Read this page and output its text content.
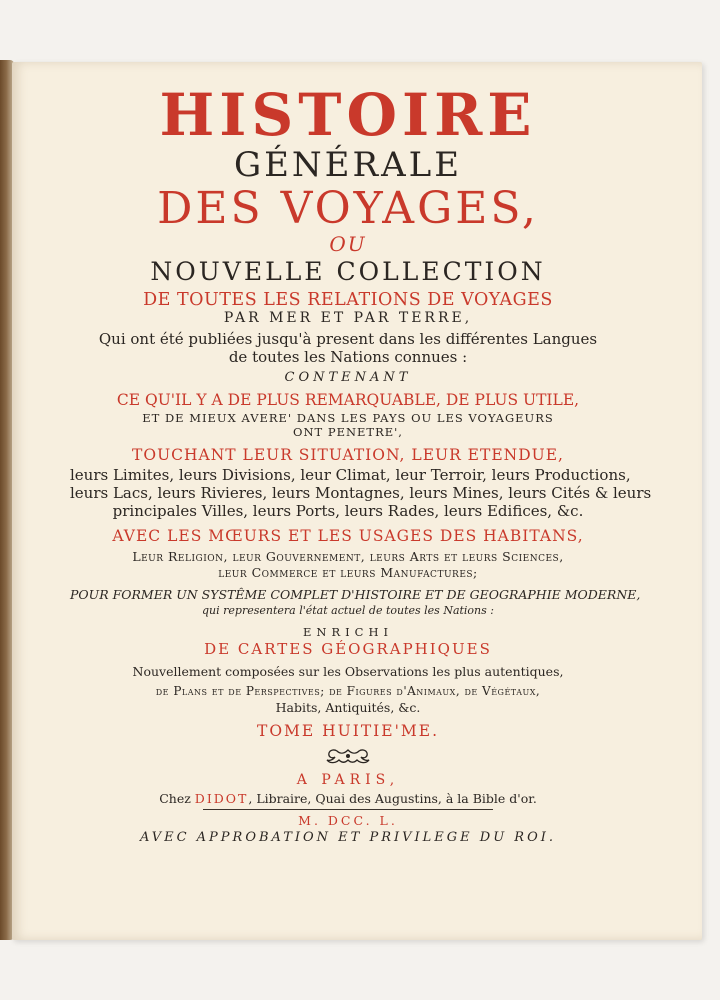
HISTOIRE
GÉNÉRALE
DES VOYAGES,
OU
NOUVELLE COLLECTION
DE TOUTES LES RELATIONS DE VOYAGES
PAR MER ET PAR TERRE,
Qui ont été publiées jusqu'à present dans les différentes Langues
de toutes les Nations connues :
CONTENANT
CE QU'IL Y A DE PLUS REMARQUABLE, DE PLUS UTILE,
ET DE MIEUX AVERE' DANS LES PAYS OU LES VOYAGEURS
ONT PENETRE',
TOUCHANT LEUR SITUATION, LEUR ETENDUE,
leurs Limites, leurs Divisions, leur Climat, leur Terroir, leurs Productions,
leurs Lacs, leurs Rivieres, leurs Montagnes, leurs Mines, leurs Cités & leurs
principales Villes, leurs Ports, leurs Rades, leurs Edifices, &c.
AVEC LES MŒURS ET LES USAGES DES HABITANS,
Leur Religion, leur Gouvernement, leurs Arts et leurs Sciences,
leur Commerce et leurs Manufactures;
POUR FORMER UN SYSTÊME COMPLET D'HISTOIRE ET DE GEOGRAPHIE MODERNE,
qui representera l'état actuel de toutes les Nations :
ENRICHI
DE CARTES GÉOGRAPHIQUES
Nouvellement composées sur les Observations les plus autentiques,
de Plans et de Perspectives; de Figures d'Animaux, de Végétaux,
Habits, Antiquités, &c.
TOME HUITIE'ME.
A PARIS,
Chez DIDOT, Libraire, Quai des Augustins, à la Bible d'or.
M. DCC. L.
AVEC APPROBATION ET PRIVILEGE DU ROI.
